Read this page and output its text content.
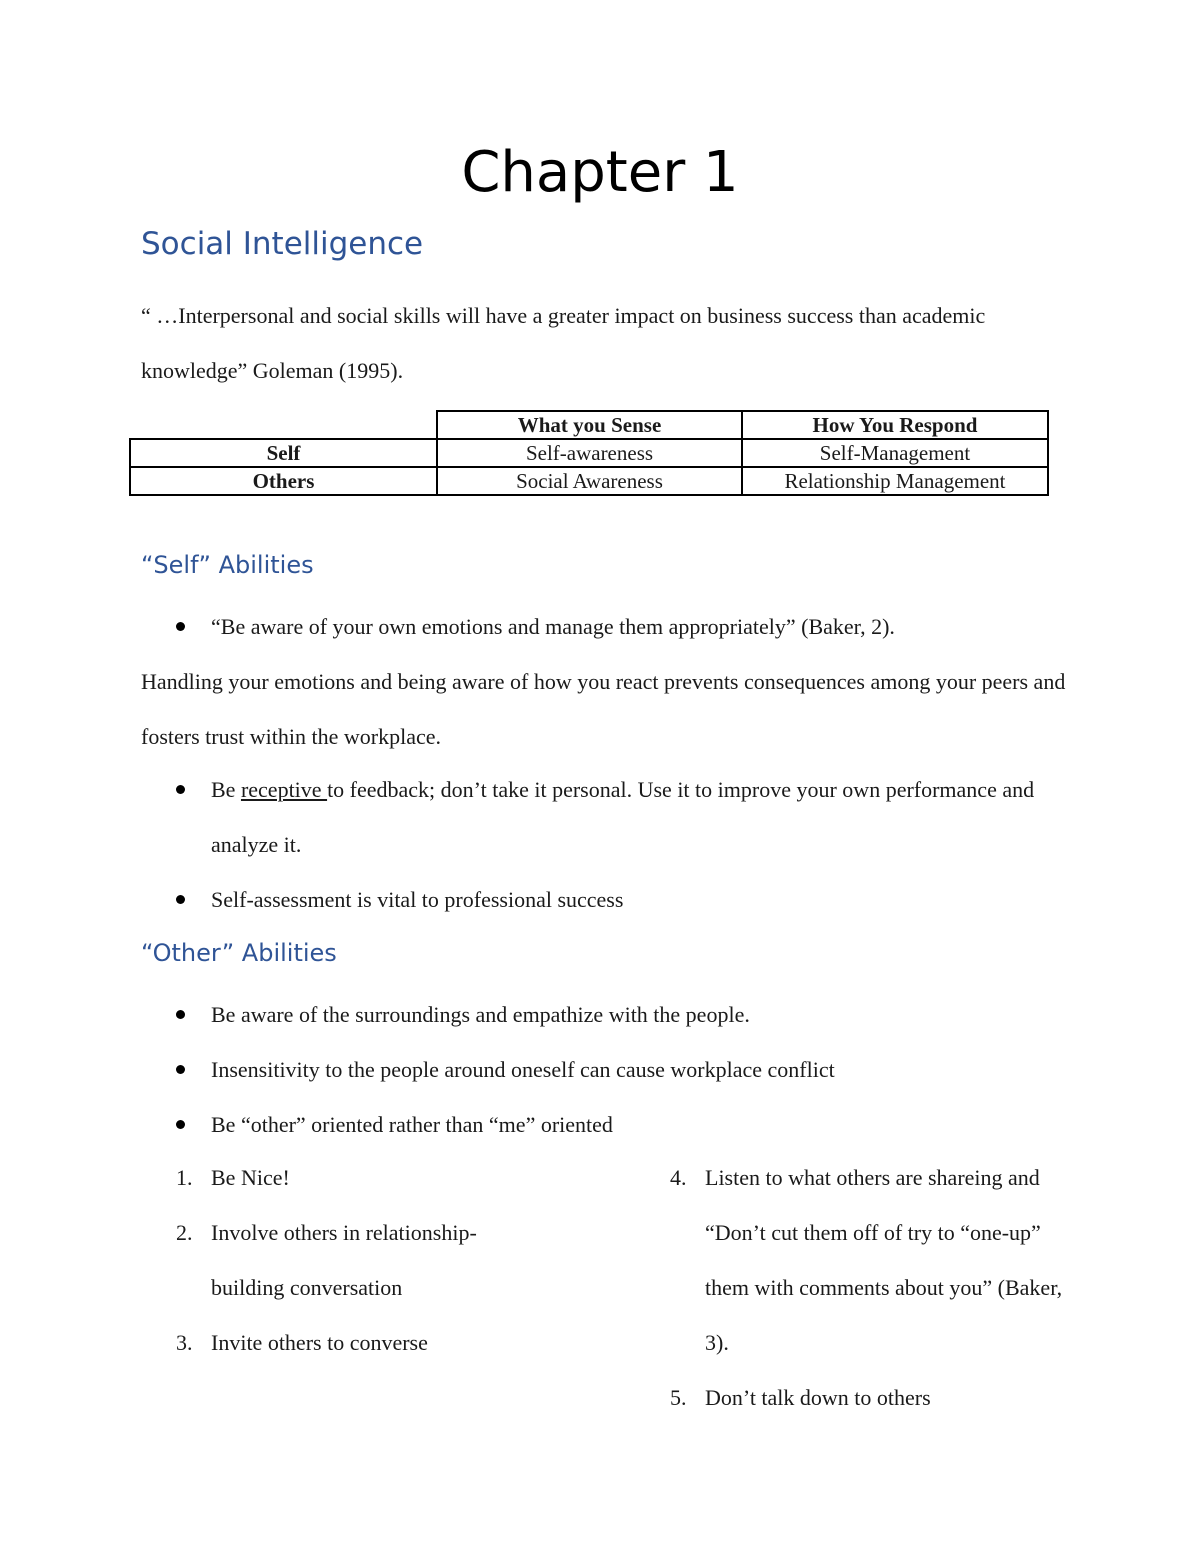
Chapter 1
Social Intelligence

“ …Interpersonal and social skills will have a greater impact on business success than academic knowledge” Goleman (1995).

	What you Sense	How You Respond
Self	Self-awareness	Self-Management
Others	Social Awareness	Relationship Management
“Self” Abilities
“Be aware of your own emotions and manage them appropriately” (Baker, 2).

Handling your emotions and being aware of how you react prevents consequences among your peers and fosters trust within the workplace.

Be receptive to feedback; don’t take it personal. Use it to improve your own performance and analyze it.
Self-assessment is vital to professional success
“Other” Abilities
Be aware of the surroundings and empathize with the people.
Insensitivity to the people around oneself can cause workplace conflict
Be “other” oriented rather than “me” oriented
1. Be Nice!
2. Involve others in relationship-building conversation
3. Invite others to converse
4. Listen to what others are shareing and “Don’t cut them off of try to “one-up” them with comments about you” (Baker, 3).
5. Don’t talk down to others
